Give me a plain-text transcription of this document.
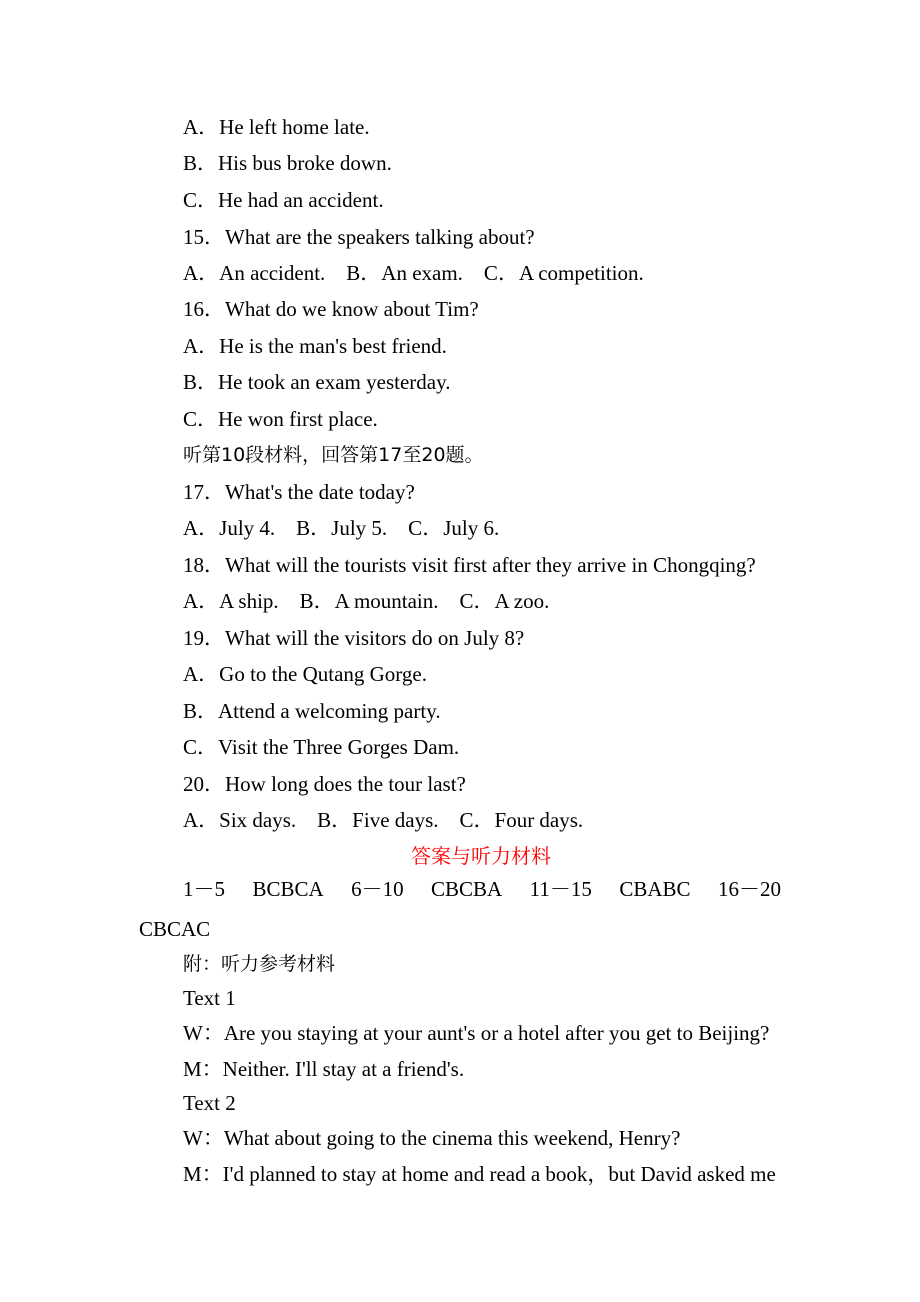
A．He left home late.
B．His bus broke down.
C．He had an accident.
15．What are the speakers talking about?
A．An accident.    B．An exam.    C．A competition.
16．What do we know about Tim?
A．He is the man's best friend.
B．He took an exam yesterday.
C．He won first place.
听第10段材料，回答第17至20题。
17．What's the date today?
A．July 4.    B．July 5.    C．July 6.
18．What will the tourists visit first after they arrive in Chongqing?
A．A ship.    B．A mountain.    C．A zoo.
19．What will the visitors do on July 8?
A．Go to the Qutang Gorge.
B．Attend a welcoming party.
C．Visit the Three Gorges Dam.
20．How long does the tour last?
A．Six days.    B．Five days.    C．Four days.
答案与听力材料
1－5 BCBCA 6－10 CBCBA 11－15 CBABC 16－20
CBCAC
附：听力参考材料
Text 1
W：Are you staying at your aunt's or a hotel after you get to Beijing?
M：Neither. I'll stay at a friend's.
Text 2
W：What about going to the cinema this weekend, Henry?
M：I'd planned to stay at home and read a book，but David asked me
